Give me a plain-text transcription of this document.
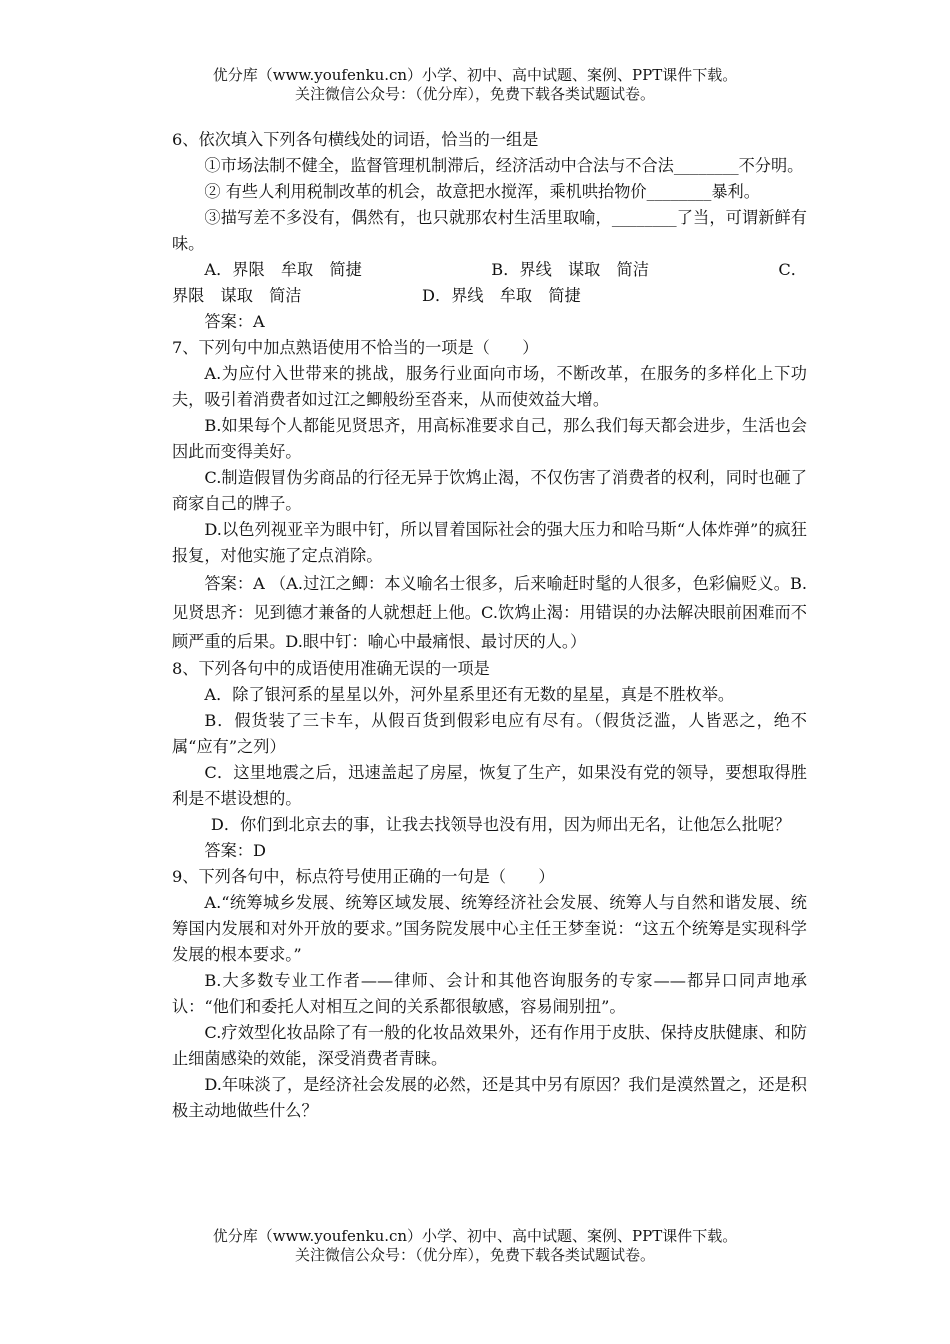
优分库（www.youfenku.cn）小学、初中、高中试题、案例、PPT课件下载。
关注微信公众号：（优分库），免费下载各类试题试卷。

6、依次填入下列各句横线处的词语，恰当的一组是

①市场法制不健全，监督管理机制滞后，经济活动中合法与不合法________不分明。

② 有些人利用税制改革的机会，故意把水搅浑，乘机哄抬物价________暴利。

③描写差不多没有，偶然有，也只就那农村生活里取喻，________了当，可谓新鲜有味。

A．界限　牟取　简捷	B．界线　谋取　简洁	C．
界限　谋取　简洁	D．界线　牟取　简捷

答案：A

7、下列句中加点熟语使用不恰当的一项是（　　）

A.为应付入世带来的挑战，服务行业面向市场，不断改革，在服务的多样化上下功夫，吸引着消费者如过江之鲫般纷至沓来，从而使效益大增。

B.如果每个人都能见贤思齐，用高标准要求自己，那么我们每天都会进步，生活也会因此而变得美好。

C.制造假冒伪劣商品的行径无异于饮鸩止渴，不仅伤害了消费者的权利，同时也砸了商家自己的牌子。

D.以色列视亚辛为眼中钉，所以冒着国际社会的强大压力和哈马斯“人体炸弹”的疯狂报复，对他实施了定点消除。

答案：A （A.过江之鲫：本义喻名士很多，后来喻赶时髦的人很多，色彩偏贬义。B.见贤思齐：见到德才兼备的人就想赶上他。C.饮鸩止渴：用错误的办法解决眼前困难而不顾严重的后果。D.眼中钉：喻心中最痛恨、最讨厌的人。）

8、下列各句中的成语使用准确无误的一项是

A．除了银河系的星星以外，河外星系里还有无数的星星，真是不胜枚举。

B．假货装了三卡车，从假百货到假彩电应有尽有。（假货泛滥，人皆恶之，绝不属“应有”之列）

C．这里地震之后，迅速盖起了房屋，恢复了生产，如果没有党的领导，要想取得胜利是不堪设想的。

D．你们到北京去的事，让我去找领导也没有用，因为师出无名，让他怎么批呢？

答案：D

9、下列各句中，标点符号使用正确的一句是（　　）

A.“统筹城乡发展、统筹区域发展、统筹经济社会发展、统筹人与自然和谐发展、统筹国内发展和对外开放的要求。”国务院发展中心主任王梦奎说：“这五个统筹是实现科学发展的根本要求。”

B.大多数专业工作者——律师、会计和其他咨询服务的专家——都异口同声地承认：“他们和委托人对相互之间的关系都很敏感，容易闹别扭”。

C.疗效型化妆品除了有一般的化妆品效果外，还有作用于皮肤、保持皮肤健康、和防止细菌感染的效能，深受消费者青睐。

D.年味淡了，是经济社会发展的必然，还是其中另有原因？我们是漠然置之，还是积极主动地做些什么？

优分库（www.youfenku.cn）小学、初中、高中试题、案例、PPT课件下载。
关注微信公众号：（优分库），免费下载各类试题试卷。
